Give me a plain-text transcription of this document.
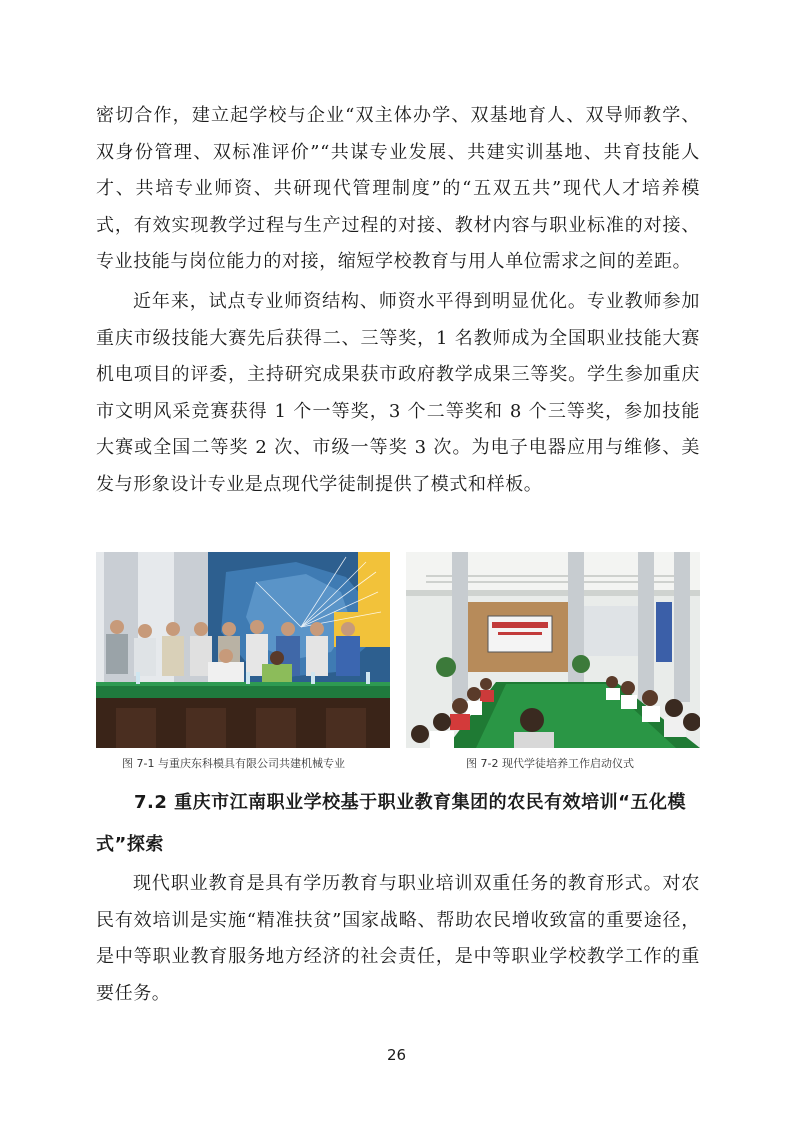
密切合作，建立起学校与企业“双主体办学、双基地育人、双导师教学、双身份管理、双标准评价”“共谋专业发展、共建实训基地、共育技能人才、共培专业师资、共研现代管理制度”的“五双五共”现代人才培养模式，有效实现教学过程与生产过程的对接、教材内容与职业标准的对接、专业技能与岗位能力的对接，缩短学校教育与用人单位需求之间的差距。

近年来，试点专业师资结构、师资水平得到明显优化。专业教师参加重庆市级技能大赛先后获得二、三等奖，1 名教师成为全国职业技能大赛机电项目的评委，主持研究成果获市政府教学成果三等奖。学生参加重庆市文明风采竞赛获得 1 个一等奖，3 个二等奖和 8 个三等奖，参加技能大赛或全国二等奖 2 次、市级一等奖 3 次。为电子电器应用与维修、美发与形象设计专业是点现代学徒制提供了模式和样板。

图 7-1 与重庆东科模具有限公司共建机械专业	图 7-2 现代学徒培养工作启动仪式
7.2 重庆市江南职业学校基于职业教育集团的农民有效培训“五化模式”探索

现代职业教育是具有学历教育与职业培训双重任务的教育形式。对农民有效培训是实施“精准扶贫”国家战略、帮助农民增收致富的重要途径，是中等职业教育服务地方经济的社会责任，是中等职业学校教学工作的重要任务。

26
